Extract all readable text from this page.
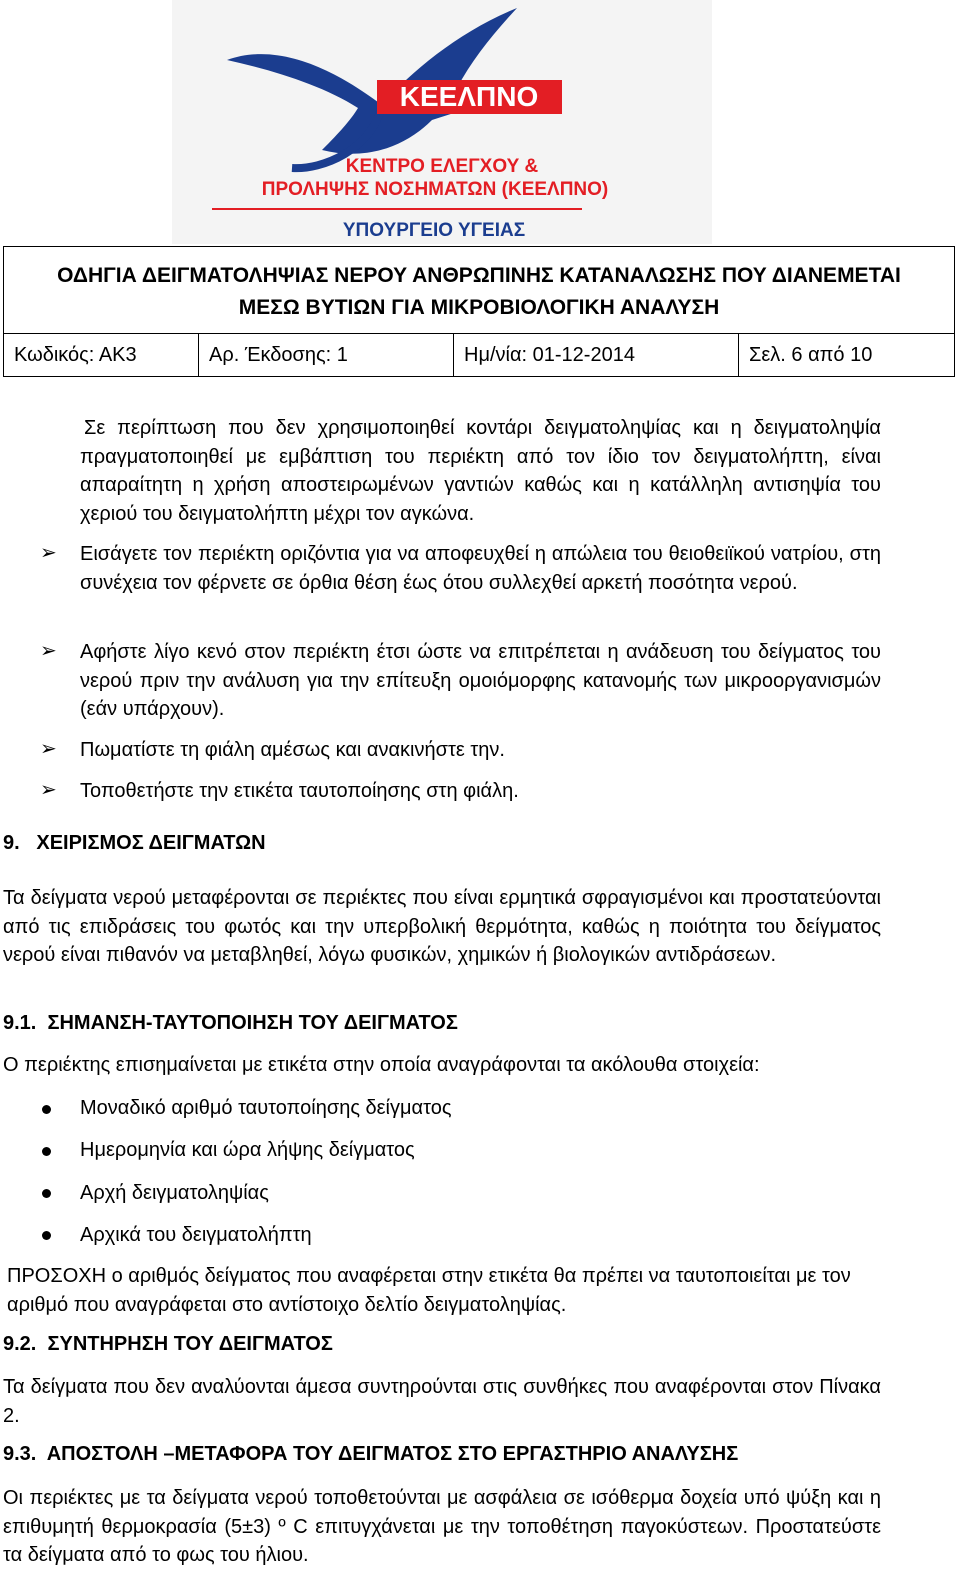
ΚΕΕΛΠΝΟ
ΚΕΝΤΡΟ ΕΛΕΓΧΟΥ &
ΠΡΟΛΗΨΗΣ ΝΟΣΗΜΑΤΩΝ (ΚΕΕΛΠΝΟ)
ΥΠΟΥΡΓΕΙΟ ΥΓΕΙΑΣ
ΟΔΗΓΙΑ ΔΕΙΓΜΑΤΟΛΗΨΙΑΣ ΝΕΡΟΥ ΑΝΘΡΩΠΙΝΗΣ ΚΑΤΑΝΑΛΩΣΗΣ ΠΟΥ ΔΙΑΝΕΜΕΤΑΙ
ΜΕΣΩ ΒΥΤΙΩΝ ΓΙΑ ΜΙΚΡΟΒΙΟΛΟΓΙΚΗ ΑΝΑΛΥΣΗ

Κωδικός: ΑΚ3	Αρ. Έκδοσης: 1	Ημ/νία: 01-12-2014	Σελ. 6 από 10
Σε περίπτωση που δεν χρησιμοποιηθεί κοντάρι δειγματοληψίας και η δειγματοληψία πραγματοποιηθεί με εμβάπτιση του περιέκτη από τον ίδιο τον δειγματολήπτη, είναι απαραίτητη η χρήση αποστειρωμένων γαντιών καθώς και η κατάλληλη αντισηψία του χεριού του δειγματολήπτη μέχρι τον αγκώνα.
➢ Εισάγετε τον περιέκτη οριζόντια για να αποφευχθεί η απώλεια του θειοθειϊκού νατρίου, στη συνέχεια τον φέρνετε σε όρθια θέση έως ότου συλλεχθεί αρκετή ποσότητα νερού.
➢ Αφήστε λίγο κενό στον περιέκτη έτσι ώστε να επιτρέπεται η ανάδευση του δείγματος του νερού πριν την ανάλυση για την επίτευξη ομοιόμορφης κατανομής των μικροοργανισμών (εάν υπάρχουν).
➢ Πωματίστε τη φιάλη αμέσως και ανακινήστε την.
➢ Τοποθετήστε την ετικέτα ταυτοποίησης στη φιάλη.
9.   ΧΕΙΡΙΣΜΟΣ ΔΕΙΓΜΑΤΩΝ
Τα δείγματα νερού μεταφέρονται σε περιέκτες που είναι ερμητικά σφραγισμένοι και προστατεύονται από τις επιδράσεις του φωτός και την υπερβολική θερμότητα, καθώς η ποιότητα του δείγματος νερού είναι πιθανόν να μεταβληθεί, λόγω φυσικών, χημικών ή βιολογικών αντιδράσεων.
9.1.  ΣΗΜΑΝΣΗ-ΤΑΥΤΟΠΟΙΗΣΗ ΤΟΥ ΔΕΙΓΜΑΤΟΣ
Ο περιέκτης επισημαίνεται με ετικέτα στην οποία αναγράφονται τα ακόλουθα στοιχεία:
Μοναδικό αριθμό ταυτοποίησης δείγματος
Ημερομηνία και ώρα λήψης δείγματος
Αρχή δειγματοληψίας
Αρχικά του δειγματολήπτη
ΠΡΟΣΟΧΗ ο αριθμός δείγματος που αναφέρεται στην ετικέτα θα πρέπει να ταυτοποιείται με τον αριθμό που αναγράφεται στο αντίστοιχο δελτίο δειγματοληψίας.
9.2.  ΣΥΝΤΗΡΗΣΗ ΤΟΥ ΔΕΙΓΜΑΤΟΣ
Τα δείγματα που δεν αναλύονται άμεσα συντηρούνται στις συνθήκες που αναφέρονται στον Πίνακα 2.
9.3.  ΑΠΟΣΤΟΛΗ –ΜΕΤΑΦΟΡΑ ΤΟΥ ΔΕΙΓΜΑΤΟΣ ΣΤΟ ΕΡΓΑΣΤΗΡΙΟ ΑΝΑΛΥΣΗΣ
Οι περιέκτες με τα δείγματα νερού τοποθετούνται με ασφάλεια σε ισόθερμα δοχεία υπό ψύξη και η επιθυμητή θερμοκρασία (5±3) º C επιτυγχάνεται με την τοποθέτηση παγοκύστεων. Προστατεύστε τα δείγματα από το φως του ήλιου.
